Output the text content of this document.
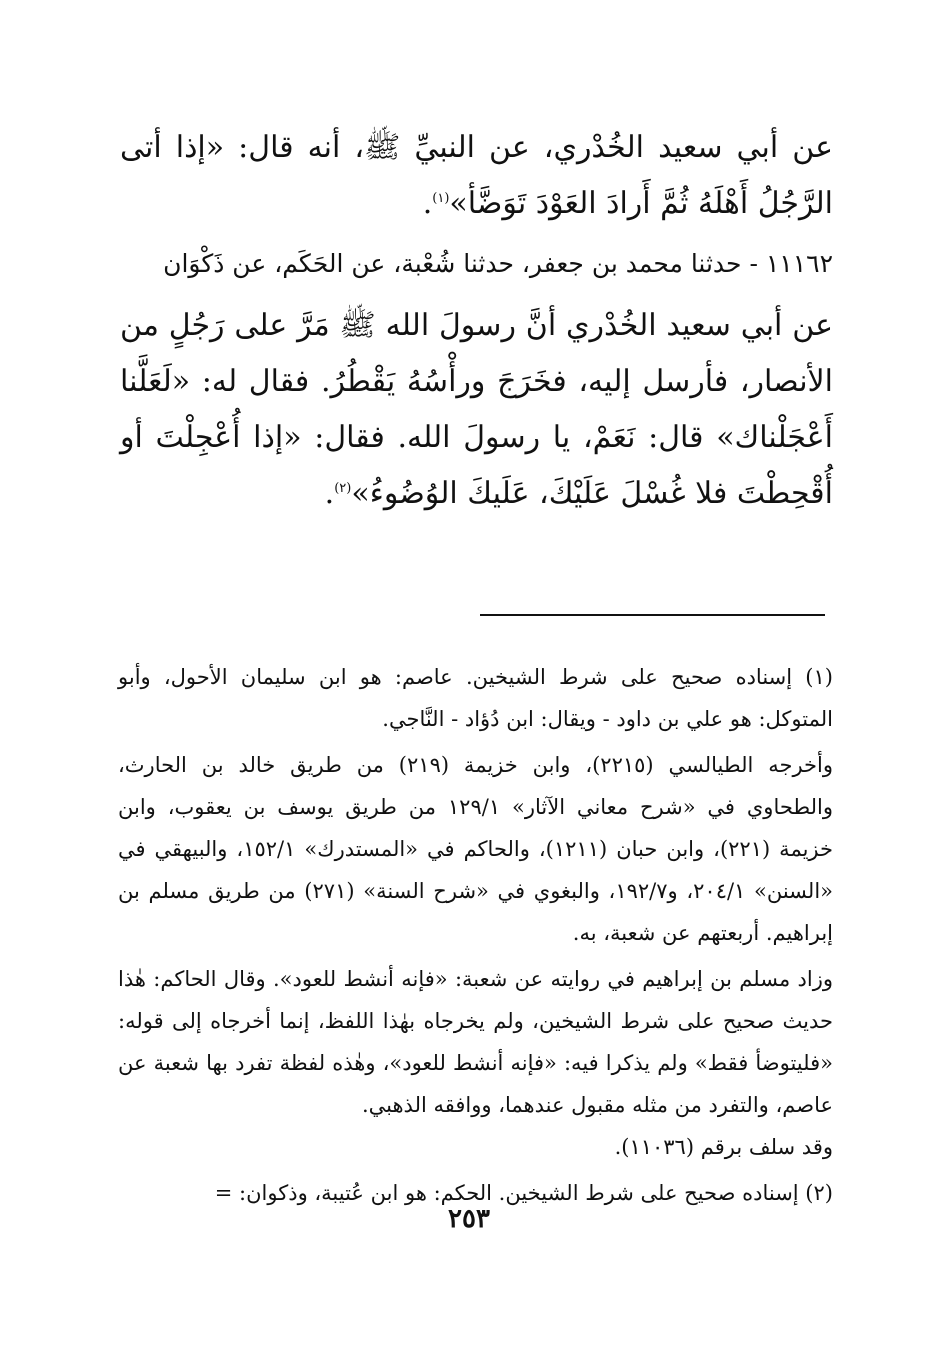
عن أبي سعيد الخُدْري، عن النبيِّ ﷺ، أنه قال: «إذا أتى الرَّجُلُ أَهْلَهُ ثُمَّ أَرادَ العَوْدَ تَوَضَّأ»$^{(١)}$.

١١١٦٢ - حدثنا محمد بن جعفر، حدثنا شُعْبة، عن الحَكَم، عن ذَكْوَان

عن أبي سعيد الخُدْري أنَّ رسولَ الله ﷺ مَرَّ على رَجُلٍ من الأنصار، فأرسل إليه، فخَرَجَ ورأْسُهُ يَقْطُرُ. فقال له: «لَعَلَّنا أَعْجَلْناك» قال: نَعَمْ، يا رسولَ الله. فقال: «إذا أُعْجِلْتَ أو أُقْحِطْتَ فلا غُسْلَ عَلَيْكَ، عَلَيكَ الوُضُوءُ»$^{(٢)}$.

(١) إسناده صحيح على شرط الشيخين. عاصم: هو ابن سليمان الأحول، وأبو المتوكل: هو علي بن داود - ويقال: ابن دُؤاد - النَّاجي.

وأخرجه الطيالسي (٢٢١٥)، وابن خزيمة (٢١٩) من طريق خالد بن الحارث، والطحاوي في «شرح معاني الآثار» ١٢٩/١ من طريق يوسف بن يعقوب، وابن خزيمة (٢٢١)، وابن حبان (١٢١١)، والحاكم في «المستدرك» ١٥٢/١، والبيهقي في «السنن» ٢٠٤/١، و١٩٢/٧، والبغوي في «شرح السنة» (٢٧١) من طريق مسلم بن إبراهيم. أربعتهم عن شعبة، به.

وزاد مسلم بن إبراهيم في روايته عن شعبة: «فإنه أنشط للعود». وقال الحاكم: هٰذا حديث صحيح على شرط الشيخين، ولم يخرجاه بهٰذا اللفظ، إنما أخرجاه إلى قوله: «فليتوضأ فقط» ولم يذكرا فيه: «فإنه أنشط للعود»، وهٰذه لفظة تفرد بها شعبة عن عاصم، والتفرد من مثله مقبول عندهما، ووافقه الذهبي.

وقد سلف برقم (١١٠٣٦).

(٢) إسناده صحيح على شرط الشيخين. الحكم: هو ابن عُتيبة، وذكوان: =

٢٥٣
